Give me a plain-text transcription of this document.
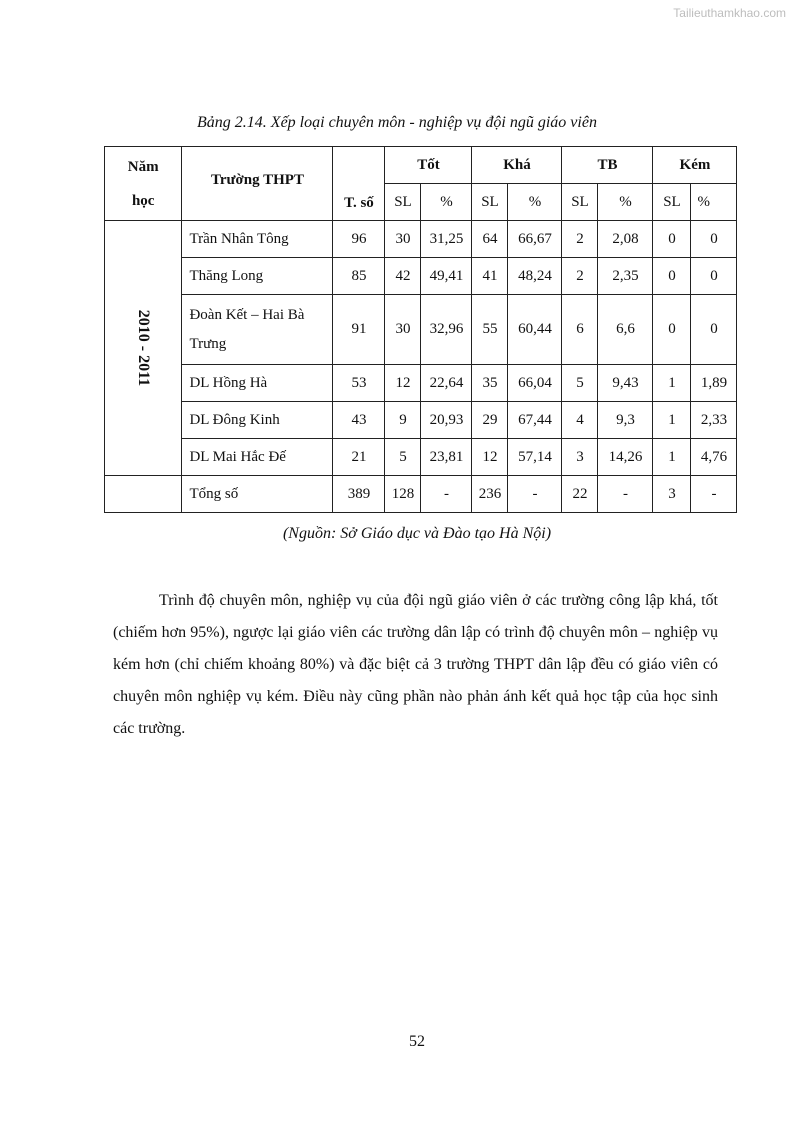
Tailieuthamkhao.com
Bảng 2.14. Xếp loại chuyên môn - nghiệp vụ đội ngũ giáo viên
Năm học	Trường THPT	T. số	Tốt		Khá		TB		Kém	
			SL	%	SL	%	SL	%	SL	%
2010 - 2011	Trần Nhân Tông	96	30	31,25	64	66,67	2	2,08	0	0
	Thăng Long	85	42	49,41	41	48,24	2	2,35	0	0
	Đoàn Kết – Hai Bà Trưng	91	30	32,96	55	60,44	6	6,6	0	0
	DL Hồng Hà	53	12	22,64	35	66,04	5	9,43	1	1,89
	DL Đông Kinh	43	9	20,93	29	67,44	4	9,3	1	2,33
	DL Mai Hắc Đế	21	5	23,81	12	57,14	3	14,26	1	4,76
	Tổng số	389	128	-	236	-	22	-	3	-
(Nguồn: Sở Giáo dục và Đào tạo Hà Nội)

Trình độ chuyên môn, nghiệp vụ của đội ngũ giáo viên ở các trường công lập khá, tốt (chiếm hơn 95%), ngược lại giáo viên các trường dân lập có trình độ chuyên môn – nghiệp vụ kém hơn (chỉ chiếm khoảng 80%) và đặc biệt cả 3 trường THPT dân lập đều có giáo viên có chuyên môn nghiệp vụ kém. Điều này cũng phần nào phản ánh kết quả học tập của học sinh các trường.

52
